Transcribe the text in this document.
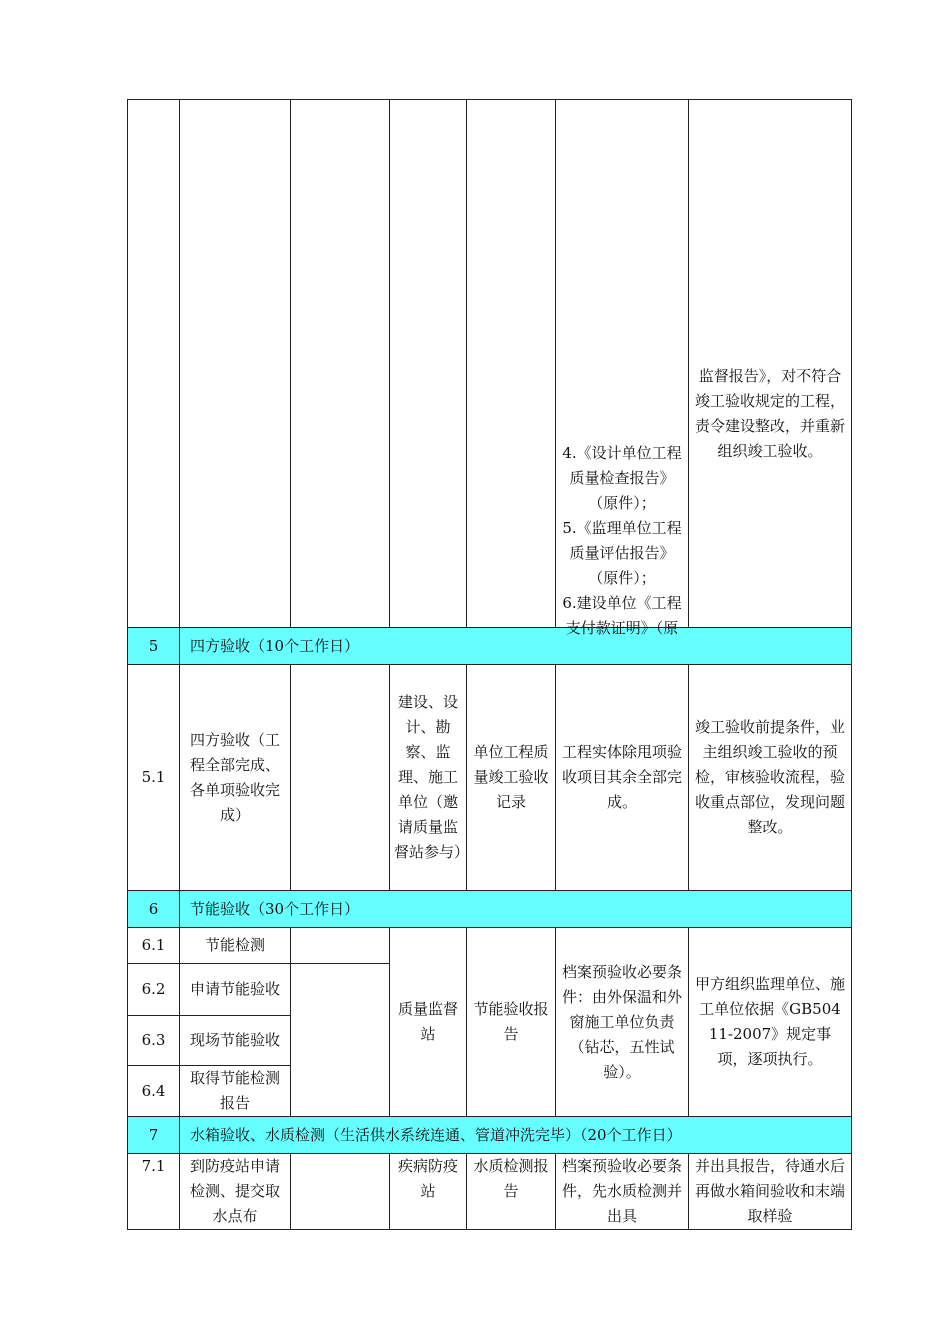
					4.《设计单位工程质量检查报告》（原件）；
5.《监理单位工程质量评估报告》（原件）；
6.建设单位《工程支付款证明》（原	监督报告》，对不符合竣工验收规定的工程，责令建设整改，并重新组织竣工验收。
5	四方验收（10个工作日）					
5.1	四方验收（工程全部完成、各单项验收完成）		建设、设计、勘察、监理、施工单位（邀请质量监督站参与）	单位工程质量竣工验收记录	工程实体除甩项验收项目其余全部完成。	竣工验收前提条件，业主组织竣工验收的预检，审核验收流程，验收重点部位，发现问题整改。
6	节能验收（30个工作日）					
6.1	节能检测		质量监督站	节能验收报告	档案预验收必要条件：由外保温和外窗施工单位负责（钻芯，五性试验）。	甲方组织监理单位、施工单位依据《GB50411-2007》规定事项，逐项执行。
6.2	申请节能验收					
6.3	现场节能验收					
6.4	取得节能检测报告					
7	水箱验收、水质检测（生活供水系统连通、管道冲洗完毕）（20个工作日）					
7.1	到防疫站申请检测、提交取水点布		疾病防疫站	水质检测报告	档案预验收必要条件，先水质检测并出具	并出具报告，待通水后再做水箱间验收和末端取样验
